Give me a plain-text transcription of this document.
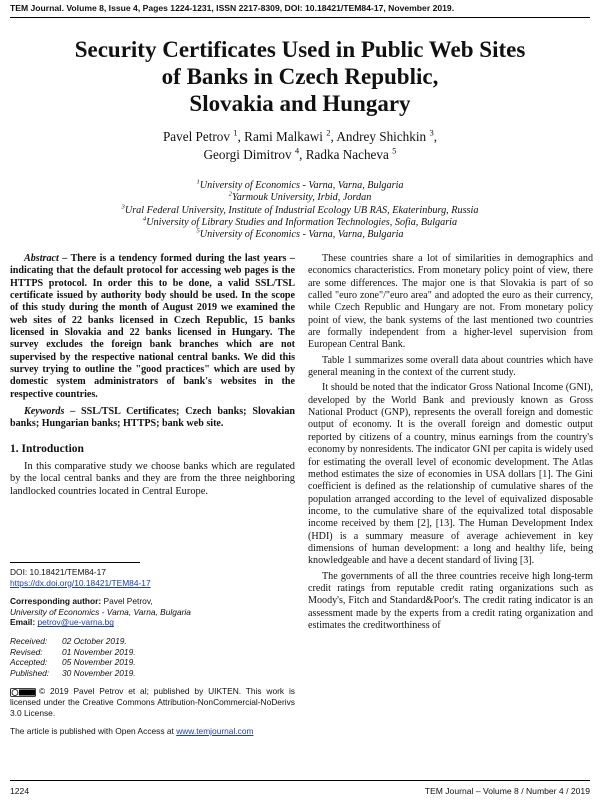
TEM Journal. Volume 8, Issue 4, Pages 1224-1231, ISSN 2217-8309, DOI: 10.18421/TEM84-17, November 2019.
Security Certificates Used in Public Web Sites
of Banks in Czech Republic,
Slovakia and Hungary
Pavel Petrov $^1$, Rami Malkawi $^2$, Andrey Shichkin $^3$,
Georgi Dimitrov $^4$, Radka Nacheva $^5$
$^1$University of Economics - Varna, Varna, Bulgaria
$^2$Yarmouk University, Irbid, Jordan
$^3$Ural Federal University, Institute of Industrial Ecology UB RAS, Ekaterinburg, Russia
$^4$University of Library Studies and Information Technologies, Sofia, Bulgaria
$^5$University of Economics - Varna, Varna, Bulgaria

Abstract – There is a tendency formed during the last years – indicating that the default protocol for accessing web pages is the HTTPS protocol. In order this to be done, a valid SSL/TSL certificate issued by authority body should be used. In the scope of this study during the month of August 2019 we examined the web sites of 22 banks licensed in Czech Republic, 15 banks licensed in Slovakia and 22 banks licensed in Hungary. The survey excludes the foreign bank branches which are not supervised by the respective national central banks. We did this survey trying to outline the "good practices" which are used by domestic system administrators of bank's websites in the respective countries.

Keywords – SSL/TSL Certificates; Czech banks; Slovakian banks; Hungarian banks; HTTPS; bank web site.

1. Introduction

In this comparative study we choose banks which are regulated by the local central banks and they are from the three neighboring landlocked countries located in Central Europe.

DOI: 10.18421/TEM84-17
https://dx.doi.org/10.18421/TEM84-17
Corresponding author: Pavel Petrov,
University of Economics - Varna, Varna, Bulgaria
Email: petrov@ue-varna.bg
Received:	02 October 2019.
Revised:	01 November 2019.
Accepted:	05 November 2019.
Published:	30 November 2019.
© 2019 Pavel Petrov et al; published by UIKTEN. This work is licensed under the Creative Commons Attribution-NonCommercial-NoDerivs 3.0 License.
The article is published with Open Access at www.temjournal.com

These countries share a lot of similarities in demographics and economics characteristics. From monetary policy point of view, there are some differences. The major one is that Slovakia is part of so called "euro zone"/"euro area" and adopted the euro as their currency, while Czech Republic and Hungary are not. From monetary policy point of view, the bank systems of the last mentioned two countries are formally independent from a higher-level supervision from European Central Bank.

Table 1 summarizes some overall data about countries which have general meaning in the context of the current study.

It should be noted that the indicator Gross National Income (GNI), developed by the World Bank and previously known as Gross National Product (GNP), represents the overall foreign and domestic output of economy. It is the overall foreign and domestic output reported by citizens of a country, minus earnings from the country's economy by nonresidents. The indicator GNI per capita is widely used for estimating the overall level of economic development. The Atlas method estimates the size of economies in USA dollars [1]. The Gini coefficient is defined as the relationship of cumulative shares of the population arranged according to the level of equivalized disposable income, to the cumulative share of the equivalized total disposable income received by them [2], [13]. The Human Development Index (HDI) is a summary measure of average achievement in key dimensions of human development: a long and healthy life, being knowledgeable and have a decent standard of living [3].

The governments of all the three countries receive high long-term credit ratings from reputable credit rating organizations such as Moody's, Fitch and Standard&Poor's. The credit rating indicator is an assessment made by the experts from a credit rating organization and estimates the creditworthiness of

1224	TEM Journal – Volume 8 / Number 4 / 2019
